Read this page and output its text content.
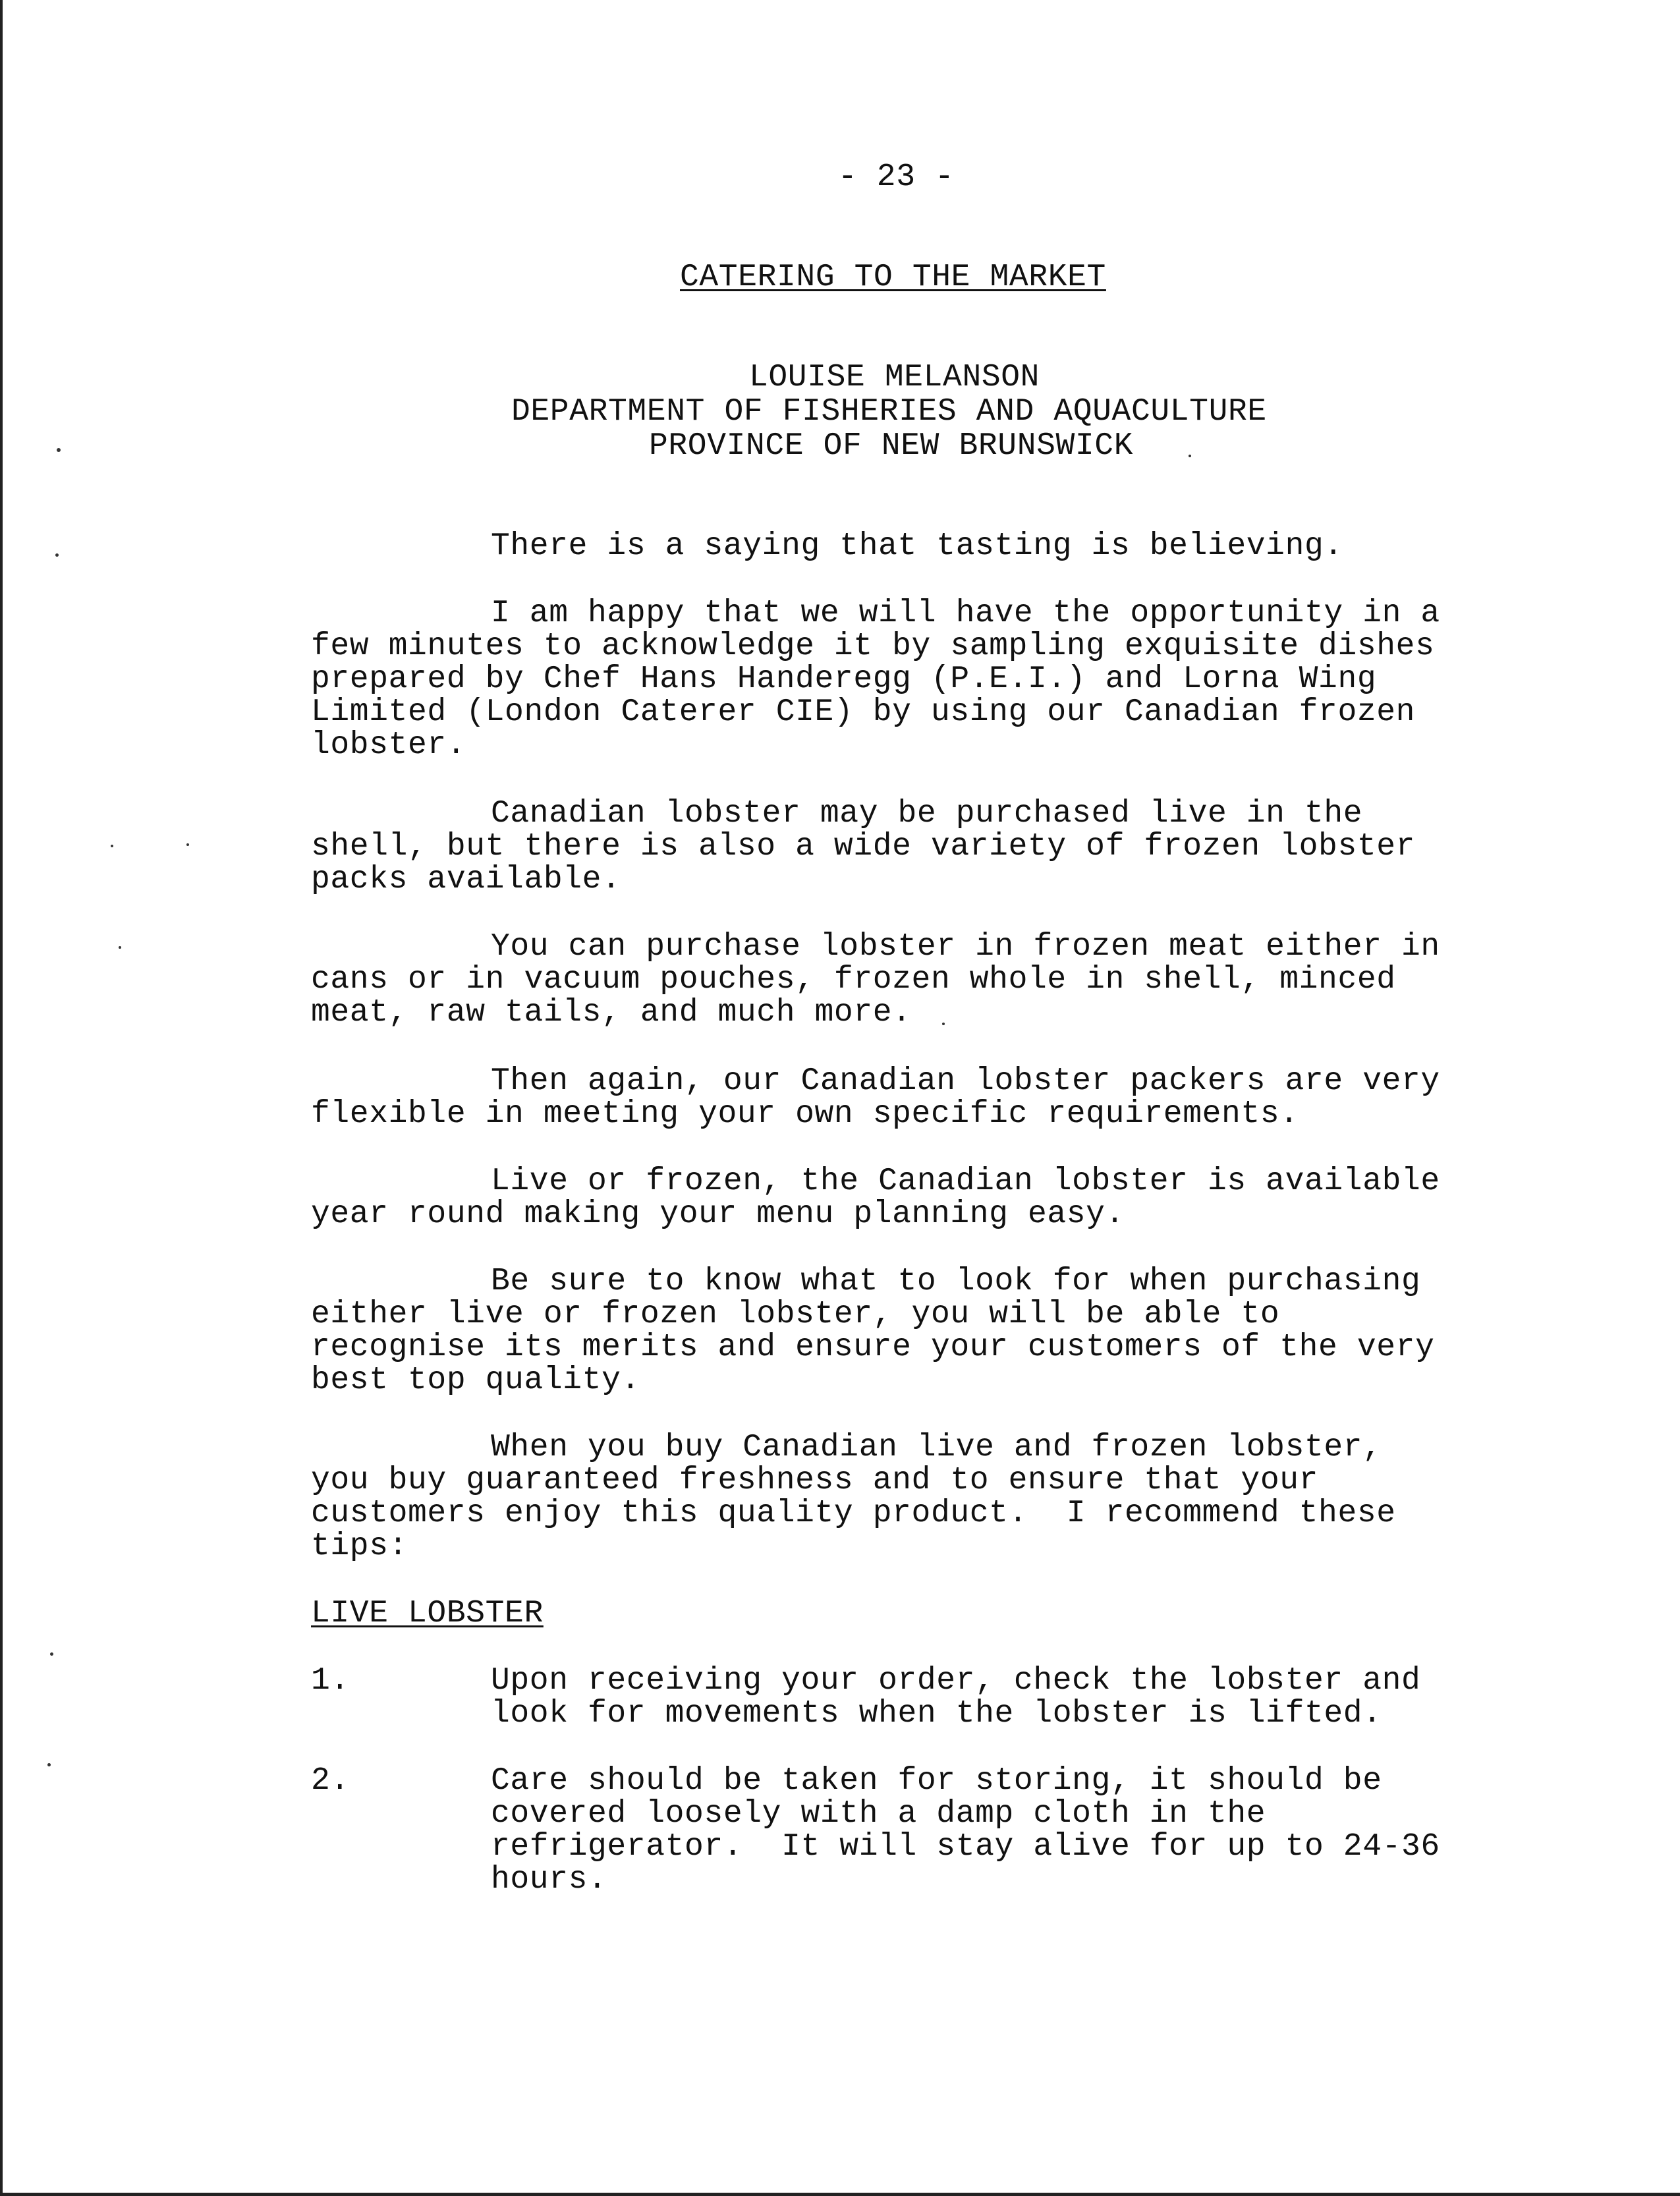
- 23 -
CATERING TO THE MARKET
LOUISE MELANSON
DEPARTMENT OF FISHERIES AND AQUACULTURE
PROVINCE OF NEW BRUNSWICK
There is a saying that tasting is believing.
I am happy that we will have the opportunity in a
few minutes to acknowledge it by sampling exquisite dishes
prepared by Chef Hans Handeregg (P.E.I.) and Lorna Wing
Limited (London Caterer CIE) by using our Canadian frozen
lobster.
Canadian lobster may be purchased live in the
shell, but there is also a wide variety of frozen lobster
packs available.
You can purchase lobster in frozen meat either in
cans or in vacuum pouches, frozen whole in shell, minced
meat, raw tails, and much more.
Then again, our Canadian lobster packers are very
flexible in meeting your own specific requirements.
Live or frozen, the Canadian lobster is available
year round making your menu planning easy.
Be sure to know what to look for when purchasing
either live or frozen lobster, you will be able to
recognise its merits and ensure your customers of the very
best top quality.
When you buy Canadian live and frozen lobster,
you buy guaranteed freshness and to ensure that your
customers enjoy this quality product.  I recommend these
tips:
LIVE LOBSTER
1.	Upon receiving your order, check the lobster and
look for movements when the lobster is lifted.
2.	Care should be taken for storing, it should be
covered loosely with a damp cloth in the
refrigerator.  It will stay alive for up to 24-36
hours.
